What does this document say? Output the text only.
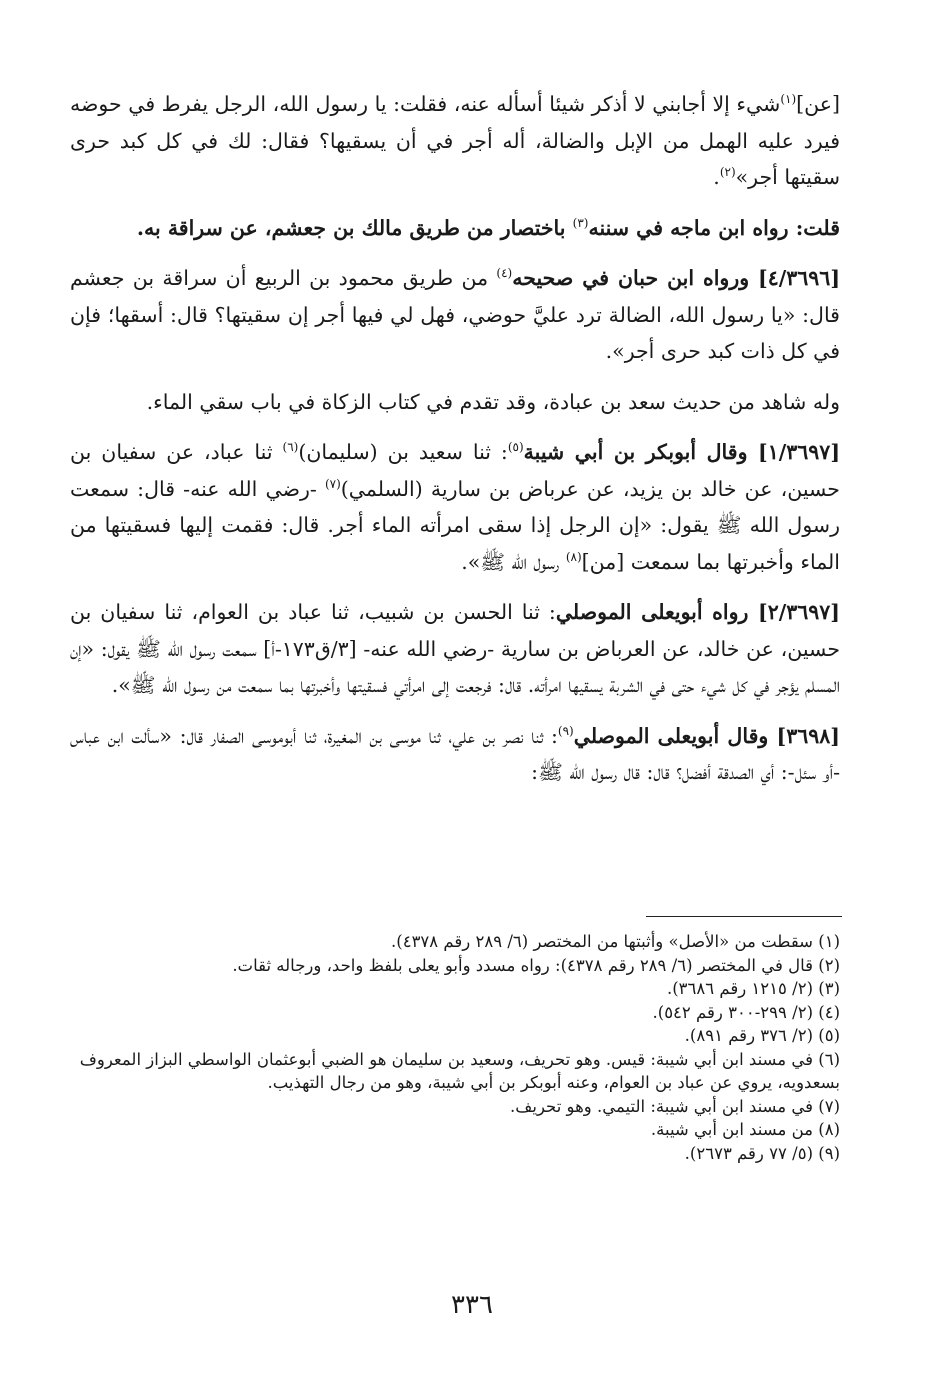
[عن]$^{(١)}$شيء إلا أجابني لا أذكر شيئا أسأله عنه، فقلت: يا رسول الله، الرجل يفرط في حوضه فيرد عليه الهمل من الإبل والضالة، أله أجر في أن يسقيها؟ فقال: لك في كل كبد حرى سقيتها أجر»$^{(٢)}$.

قلت: رواه ابن ماجه في سننه$^{(٣)}$ باختصار من طريق مالك بن جعشم، عن سراقة به.

[٤/٣٦٩٦] ورواه ابن حبان في صحيحه$^{(٤)}$ من طريق محمود بن الربيع أن سراقة بن جعشم قال: «يا رسول الله، الضالة ترد عليَّ حوضي، فهل لي فيها أجر إن سقيتها؟ قال: أسقها؛ فإن في كل ذات كبد حرى أجر».

وله شاهد من حديث سعد بن عبادة، وقد تقدم في كتاب الزكاة في باب سقي الماء.

[١/٣٦٩٧] وقال أبوبكر بن أبي شيبة$^{(٥)}$: ثنا سعيد بن (سليمان)$^{(٦)}$ ثنا عباد، عن سفيان بن حسين، عن خالد بن يزيد، عن عرباض بن سارية (السلمي)$^{(٧)}$ -رضي الله عنه- قال: سمعت رسول الله ﷺ يقول: «إن الرجل إذا سقى امرأته الماء أجر. قال: فقمت إليها فسقيتها من الماء وأخبرتها بما سمعت [من]$^{(٨)}$ رسول الله ﷺ».

[٢/٣٦٩٧] رواه أبويعلى الموصلي: ثنا الحسن بن شبيب، ثنا عباد بن العوام، ثنا سفيان بن حسين، عن خالد، عن العرباض بن سارية -رضي الله عنه- [٣/ق١٧٣-أ] سمعت رسول الله ﷺ يقول: «إن المسلم يؤجر في كل شيء حتى في الشربة يسقيها امرأته. قال: فرجعت إلى امرأتي فسقيتها وأخبرتها بما سمعت من رسول الله ﷺ».

[٣٦٩٨] وقال أبويعلى الموصلي$^{(٩)}$: ثنا نصر بن علي، ثنا موسى بن المغيرة، ثنا أبوموسى الصفار قال: «سألت ابن عباس -أو سئل-: أي الصدقة أفضل؟ قال: قال رسول الله ﷺ:

(١) سقطت من «الأصل» وأثبتها من المختصر (٦/ ٢٨٩ رقم ٤٣٧٨).

(٢) قال في المختصر (٦/ ٢٨٩ رقم ٤٣٧٨): رواه مسدد وأبو يعلى بلفظ واحد، ورجاله ثقات.

(٣) (٢/ ١٢١٥ رقم ٣٦٨٦).

(٤) (٢/ ٢٩٩-٣٠٠ رقم ٥٤٢).

(٥) (٢/ ٣٧٦ رقم ٨٩١).

(٦) في مسند ابن أبي شيبة: قيس. وهو تحريف، وسعيد بن سليمان هو الضبي أبوعثمان الواسطي البزاز المعروف بسعدويه، يروي عن عباد بن العوام، وعنه أبوبكر بن أبي شيبة، وهو من رجال التهذيب.

(٧) في مسند ابن أبي شيبة: التيمي. وهو تحريف.

(٨) من مسند ابن أبي شيبة.

(٩) (٥/ ٧٧ رقم ٢٦٧٣).

٣٣٦
